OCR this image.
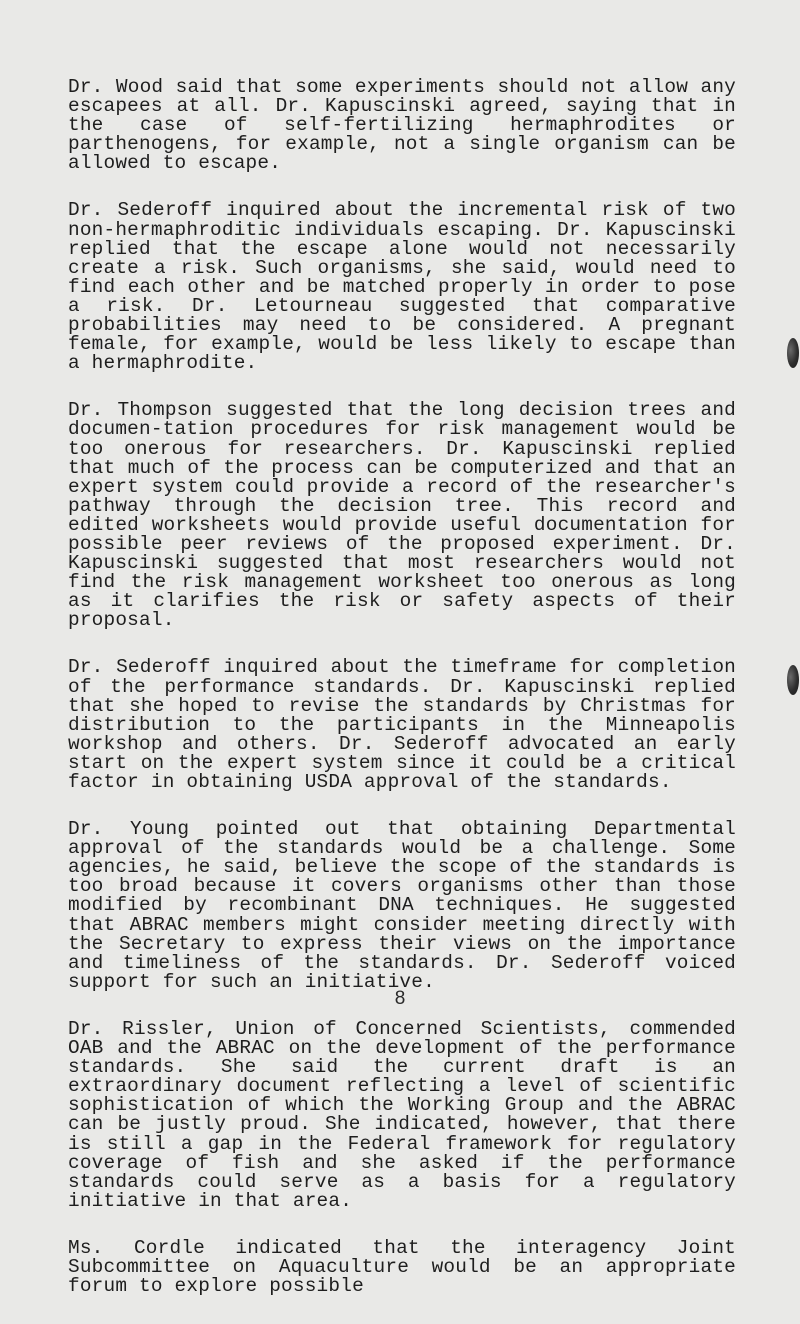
Dr. Wood said that some experiments should not allow any escapees at all. Dr. Kapuscinski agreed, saying that in the case of self-fertilizing hermaphrodites or parthenogens, for example, not a single organism can be allowed to escape.

Dr. Sederoff inquired about the incremental risk of two non-hermaphroditic individuals escaping. Dr. Kapuscinski replied that the escape alone would not necessarily create a risk. Such organisms, she said, would need to find each other and be matched properly in order to pose a risk. Dr. Letourneau suggested that comparative probabilities may need to be considered. A pregnant female, for example, would be less likely to escape than a hermaphrodite.

Dr. Thompson suggested that the long decision trees and documen-tation procedures for risk management would be too onerous for researchers. Dr. Kapuscinski replied that much of the process can be computerized and that an expert system could provide a record of the researcher's pathway through the decision tree. This record and edited worksheets would provide useful documentation for possible peer reviews of the proposed experiment. Dr. Kapuscinski suggested that most researchers would not find the risk management worksheet too onerous as long as it clarifies the risk or safety aspects of their proposal.

Dr. Sederoff inquired about the timeframe for completion of the performance standards. Dr. Kapuscinski replied that she hoped to revise the standards by Christmas for distribution to the participants in the Minneapolis workshop and others. Dr. Sederoff advocated an early start on the expert system since it could be a critical factor in obtaining USDA approval of the standards.

Dr. Young pointed out that obtaining Departmental approval of the standards would be a challenge. Some agencies, he said, believe the scope of the standards is too broad because it covers organisms other than those modified by recombinant DNA techniques. He suggested that ABRAC members might consider meeting directly with the Secretary to express their views on the importance and timeliness of the standards. Dr. Sederoff voiced support for such an initiative.

Dr. Rissler, Union of Concerned Scientists, commended OAB and the ABRAC on the development of the performance standards. She said the current draft is an extraordinary document reflecting a level of scientific sophistication of which the Working Group and the ABRAC can be justly proud. She indicated, however, that there is still a gap in the Federal framework for regulatory coverage of fish and she asked if the performance standards could serve as a basis for a regulatory initiative in that area.

Ms. Cordle indicated that the interagency Joint Subcommittee on Aquaculture would be an appropriate forum to explore possible

8
